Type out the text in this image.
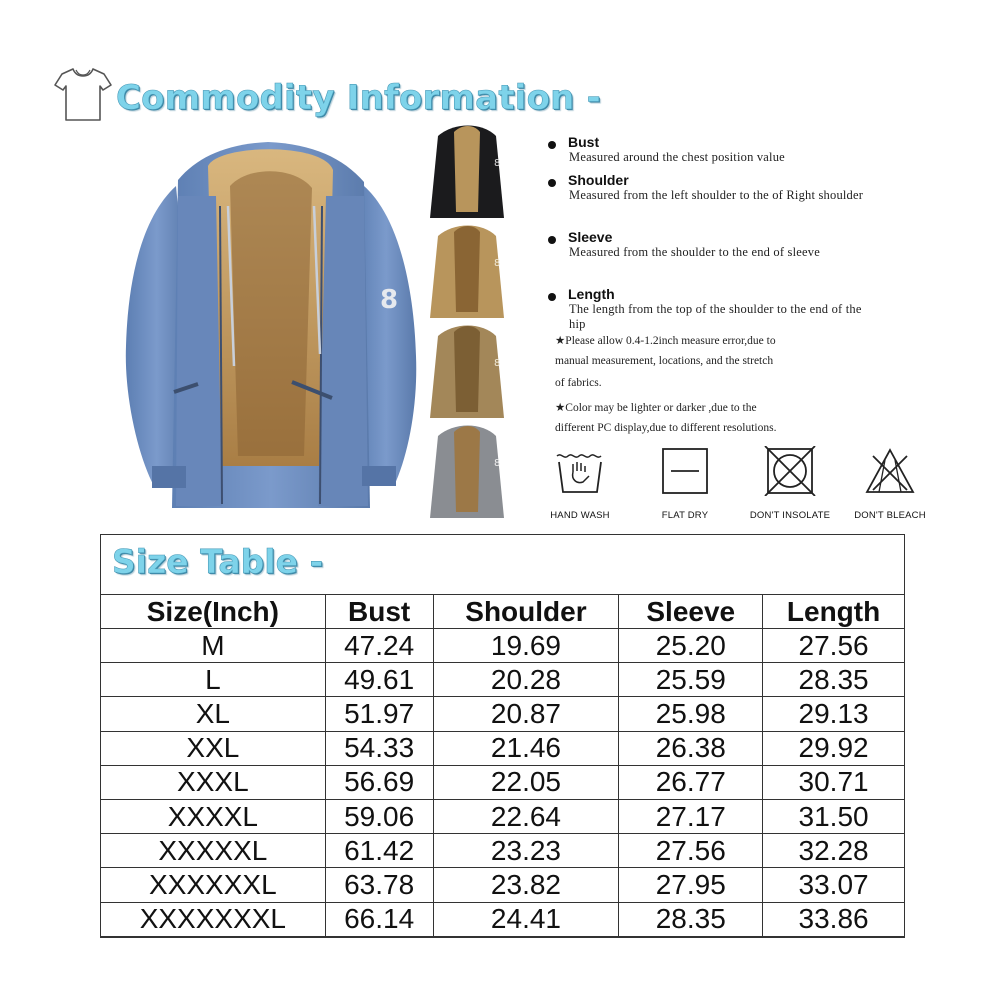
Commodity Information -
8
8
8
8
8
Bust
Measured around the chest position value
Shoulder
Measured from the left shoulder to the of Right shoulder
Sleeve
Measured from the shoulder to the end of sleeve
Length
The length from the top of the shoulder to the end of the hip
★Please allow 0.4-1.2inch measure error,due to
manual measurement, locations, and the stretch
of fabrics.
★Color may be lighter or darker ,due to the
different PC display,due to different resolutions.
HAND WASH	FLAT DRY	DON'T INSOLATE	DON'T BLEACH
Size Table -
Size(Inch)	Bust	Shoulder	Sleeve	Length
M	47.24	19.69	25.20	27.56
L	49.61	20.28	25.59	28.35
XL	51.97	20.87	25.98	29.13
XXL	54.33	21.46	26.38	29.92
XXXL	56.69	22.05	26.77	30.71
XXXXL	59.06	22.64	27.17	31.50
XXXXXL	61.42	23.23	27.56	32.28
XXXXXXL	63.78	23.82	27.95	33.07
XXXXXXXL	66.14	24.41	28.35	33.86
